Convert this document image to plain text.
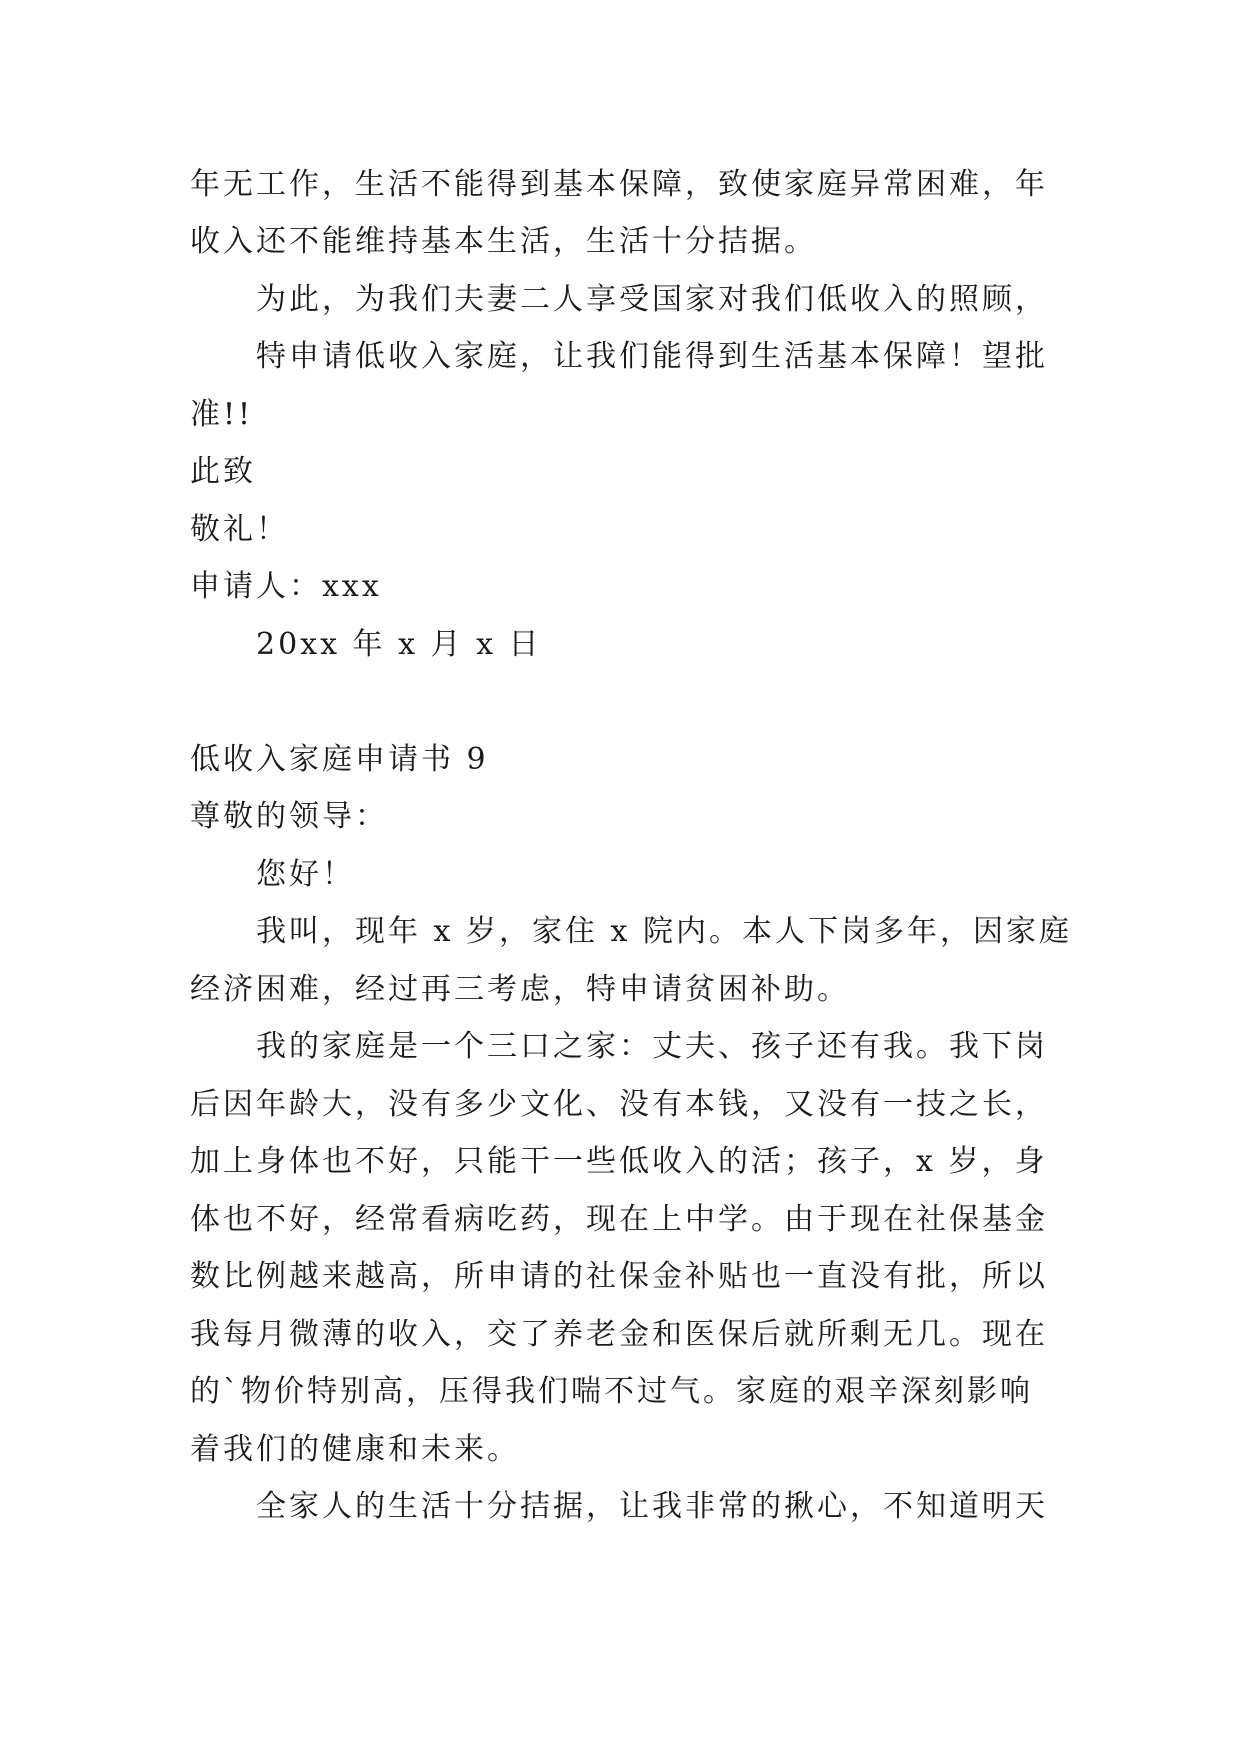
年无工作，生活不能得到基本保障，致使家庭异常困难，年
收入还不能维持基本生活，生活十分拮据。
为此，为我们夫妻二人享受国家对我们低收入的照顾，
特申请低收入家庭，让我们能得到生活基本保障！望批
准!!
此致
敬礼！
申请人：xxx
20xx 年 x 月 x 日
低收入家庭申请书 9
尊敬的领导：
您好！
我叫，现年 x 岁，家住 x 院内。本人下岗多年，因家庭
经济困难，经过再三考虑，特申请贫困补助。
我的家庭是一个三口之家：丈夫、孩子还有我。我下岗
后因年龄大，没有多少文化、没有本钱，又没有一技之长，
加上身体也不好，只能干一些低收入的活；孩子，x 岁，身
体也不好，经常看病吃药，现在上中学。由于现在社保基金
数比例越来越高，所申请的社保金补贴也一直没有批，所以
我每月微薄的收入，交了养老金和医保后就所剩无几。现在
的`物价特别高，压得我们喘不过气。家庭的艰辛深刻影响
着我们的健康和未来。
全家人的生活十分拮据，让我非常的揪心，不知道明天
